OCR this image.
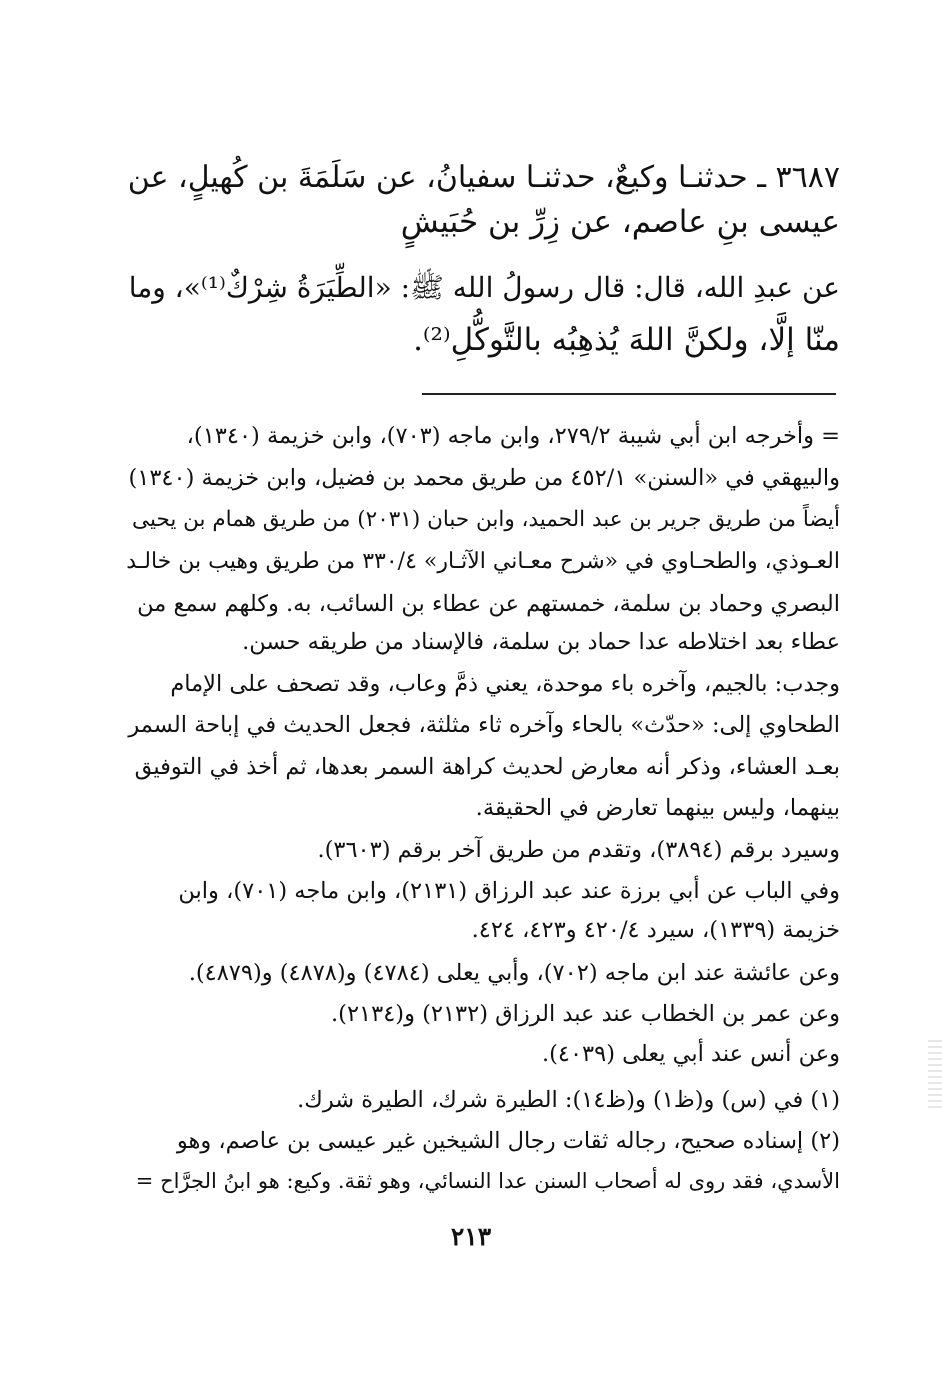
٣٦٨٧ ـ حدثنـا وكيعٌ، حدثنـا سفيانُ، عن سَلَمَةَ بن كُهيلٍ، عن
عيسى بنِ عاصم، عن زِرِّ بن حُبَيشٍ
عن عبدِ الله، قال: قال رسولُ الله ﷺ: «الطِّيَرَةُ شِرْكٌ⁽¹⁾»، وما
منّا إلَّا، ولكنَّ اللهَ يُذهِبُه بالتَّوكُّلِ⁽²⁾.
= وأخرجه ابن أبي شيبة ٢٧٩/٢، وابن ماجه (٧٠٣)، وابن خزيمة (١٣٤٠)،
والبيهقي في «السنن» ٤٥٢/١ من طريق محمد بن فضيل، وابن خزيمة (١٣٤٠)
أيضاً من طريق جرير بن عبد الحميد، وابن حبان (٢٠٣١) من طريق همام بن يحيى
العـوذي، والطحـاوي في «شرح معـاني الآثـار» ٣٣٠/٤ من طريق وهيب بن خالـد
البصري وحماد بن سلمة، خمستهم عن عطاء بن السائب، به. وكلهم سمع من
عطاء بعد اختلاطه عدا حماد بن سلمة، فالإسناد من طريقه حسن.
وجدب: بالجيم، وآخره باء موحدة، يعني ذمَّ وعاب، وقد تصحف على الإمام
الطحاوي إلى: «حدّث» بالحاء وآخره ثاء مثلثة، فجعل الحديث في إباحة السمر
بعـد العشاء، وذكر أنه معارض لحديث كراهة السمر بعدها، ثم أخذ في التوفيق
بينهما، وليس بينهما تعارض في الحقيقة.
وسيرد برقم (٣٨٩٤)، وتقدم من طريق آخر برقم (٣٦٠٣).
وفي الباب عن أبي برزة عند عبد الرزاق (٢١٣١)، وابن ماجه (٧٠١)، وابن
خزيمة (١٣٣٩)، سيرد ٤٢٠/٤ و٤٢٣، ٤٢٤.
وعن عائشة عند ابن ماجه (٧٠٢)، وأبي يعلى (٤٧٨٤) و(٤٨٧٨) و(٤٨٧٩).
وعن عمر بن الخطاب عند عبد الرزاق (٢١٣٢) و(٢١٣٤).
وعن أنس عند أبي يعلى (٤٠٣٩).
(١) في (س) و(ظ١) و(ظ١٤): الطيرة شرك، الطيرة شرك.
(٢) إسناده صحيح، رجاله ثقات رجال الشيخين غير عيسى بن عاصم، وهو
الأسدي، فقد روى له أصحاب السنن عدا النسائي، وهو ثقة. وكيع: هو ابنُ الجرَّاح =
٢١٣
